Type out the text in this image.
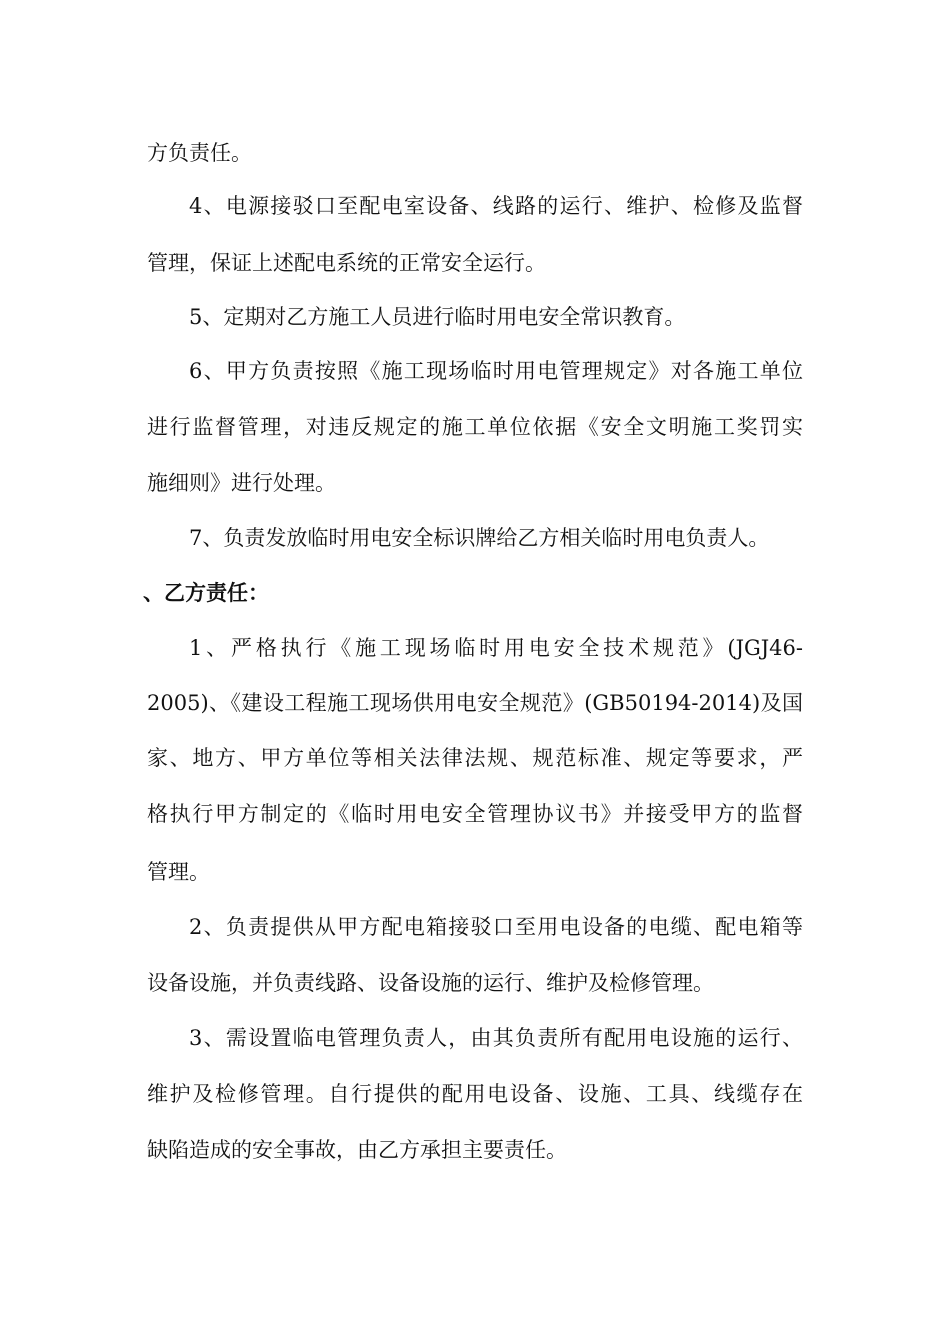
方负责任。

4、电源接驳口至配电室设备、线路的运行、维护、检修及监督

管理，保证上述配电系统的正常安全运行。

5、定期对乙方施工人员进行临时用电安全常识教育。

6、甲方负责按照《施工现场临时用电管理规定》对各施工单位

进行监督管理，对违反规定的施工单位依据《安全文明施工奖罚实

施细则》进行处理。

7、负责发放临时用电安全标识牌给乙方相关临时用电负责人。

、乙方责任：

1、严格执行《施工现场临时用电安全技术规范》(JGJ46-

2005)、《建设工程施工现场供用电安全规范》(GB50194-2014)及国

家、地方、甲方单位等相关法律法规、规范标准、规定等要求，严

格执行甲方制定的《临时用电安全管理协议书》并接受甲方的监督

管理。

2、负责提供从甲方配电箱接驳口至用电设备的电缆、配电箱等

设备设施，并负责线路、设备设施的运行、维护及检修管理。

3、需设置临电管理负责人，由其负责所有配用电设施的运行、

维护及检修管理。自行提供的配用电设备、设施、工具、线缆存在

缺陷造成的安全事故，由乙方承担主要责任。
